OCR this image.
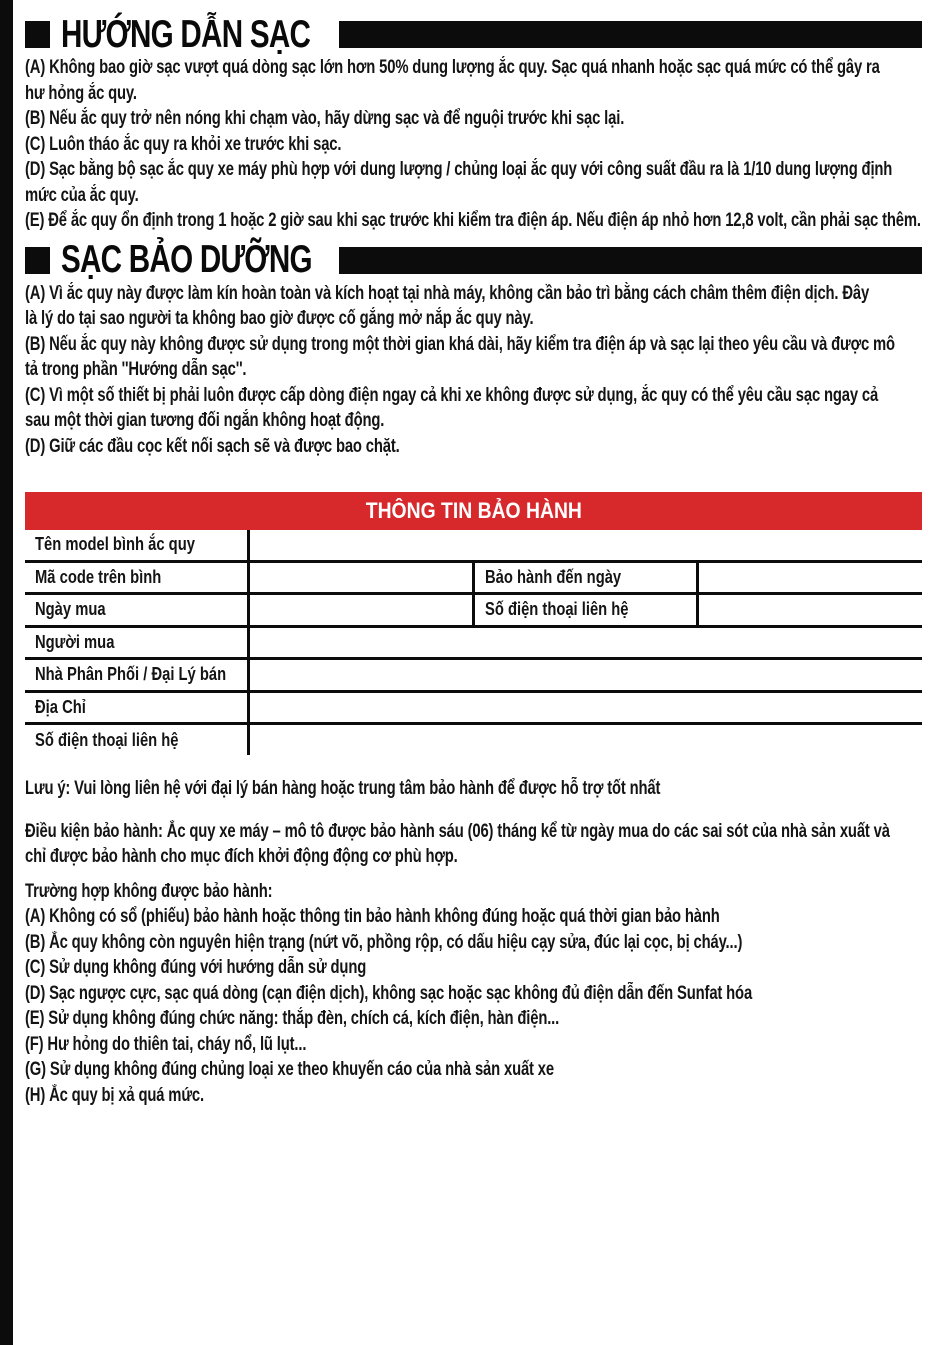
HƯỚNG DẪN SẠC
(A) Không bao giờ sạc vượt quá dòng sạc lớn hơn 50% dung lượng ắc quy. Sạc quá nhanh hoặc sạc quá mức có thể gây ra
hư hỏng ắc quy.
(B) Nếu ắc quy trở nên nóng khi chạm vào, hãy dừng sạc và để nguội trước khi sạc lại.
(C) Luôn tháo ắc quy ra khỏi xe trước khi sạc.
(D) Sạc bằng bộ sạc ắc quy xe máy phù hợp với dung lượng / chủng loại ắc quy với công suất đầu ra là 1/10 dung lượng định
mức của ắc quy.
(E) Để ắc quy ổn định trong 1 hoặc 2 giờ sau khi sạc trước khi kiểm tra điện áp. Nếu điện áp nhỏ hơn 12,8 volt, cần phải sạc thêm.
SẠC BẢO DƯỠNG
(A) Vì ắc quy này được làm kín hoàn toàn và kích hoạt tại nhà máy, không cần bảo trì bằng cách châm thêm điện dịch. Đây
là lý do tại sao người ta không bao giờ được cố gắng mở nắp ắc quy này.
(B) Nếu ắc quy này không được sử dụng trong một thời gian khá dài, hãy kiểm tra điện áp và sạc lại theo yêu cầu và được mô
tả trong phần ''Hướng dẫn sạc''.
(C) Vì một số thiết bị phải luôn được cấp dòng điện ngay cả khi xe không được sử dụng, ắc quy có thể yêu cầu sạc ngay cả
sau một thời gian tương đối ngắn không hoạt động.
(D) Giữ các đầu cọc kết nối sạch sẽ và được bao chặt.
THÔNG TIN BẢO HÀNH
Tên model bình ắc quy
Mã code trên bình	Bảo hành đến ngày
Ngày mua	Số điện thoại liên hệ
Người mua
Nhà Phân Phối / Đại Lý bán
Địa Chỉ
Số điện thoại liên hệ
Lưu ý: Vui lòng liên hệ với đại lý bán hàng hoặc trung tâm bảo hành để được hỗ trợ tốt nhất
Điều kiện bảo hành: Ắc quy xe máy – mô tô được bảo hành sáu (06) tháng kể từ ngày mua do các sai sót của nhà sản xuất và
chỉ được bảo hành cho mục đích khởi động động cơ phù hợp.
Trường hợp không được bảo hành:
(A) Không có sổ (phiếu) bảo hành hoặc thông tin bảo hành không đúng hoặc quá thời gian bảo hành
(B) Ắc quy không còn nguyên hiện trạng (nứt võ, phồng rộp, có dấu hiệu cạy sửa, đúc lại cọc, bị cháy...)
(C) Sử dụng không đúng với hướng dẫn sử dụng
(D) Sạc ngược cực, sạc quá dòng (cạn điện dịch), không sạc hoặc sạc không đủ điện dẫn đến Sunfat hóa
(E) Sử dụng không đúng chức năng: thắp đèn, chích cá, kích điện, hàn điện...
(F) Hư hỏng do thiên tai, cháy nổ, lũ lụt...
(G) Sử dụng không đúng chủng loại xe theo khuyến cáo của nhà sản xuất xe
(H) Ắc quy bị xả quá mức.
